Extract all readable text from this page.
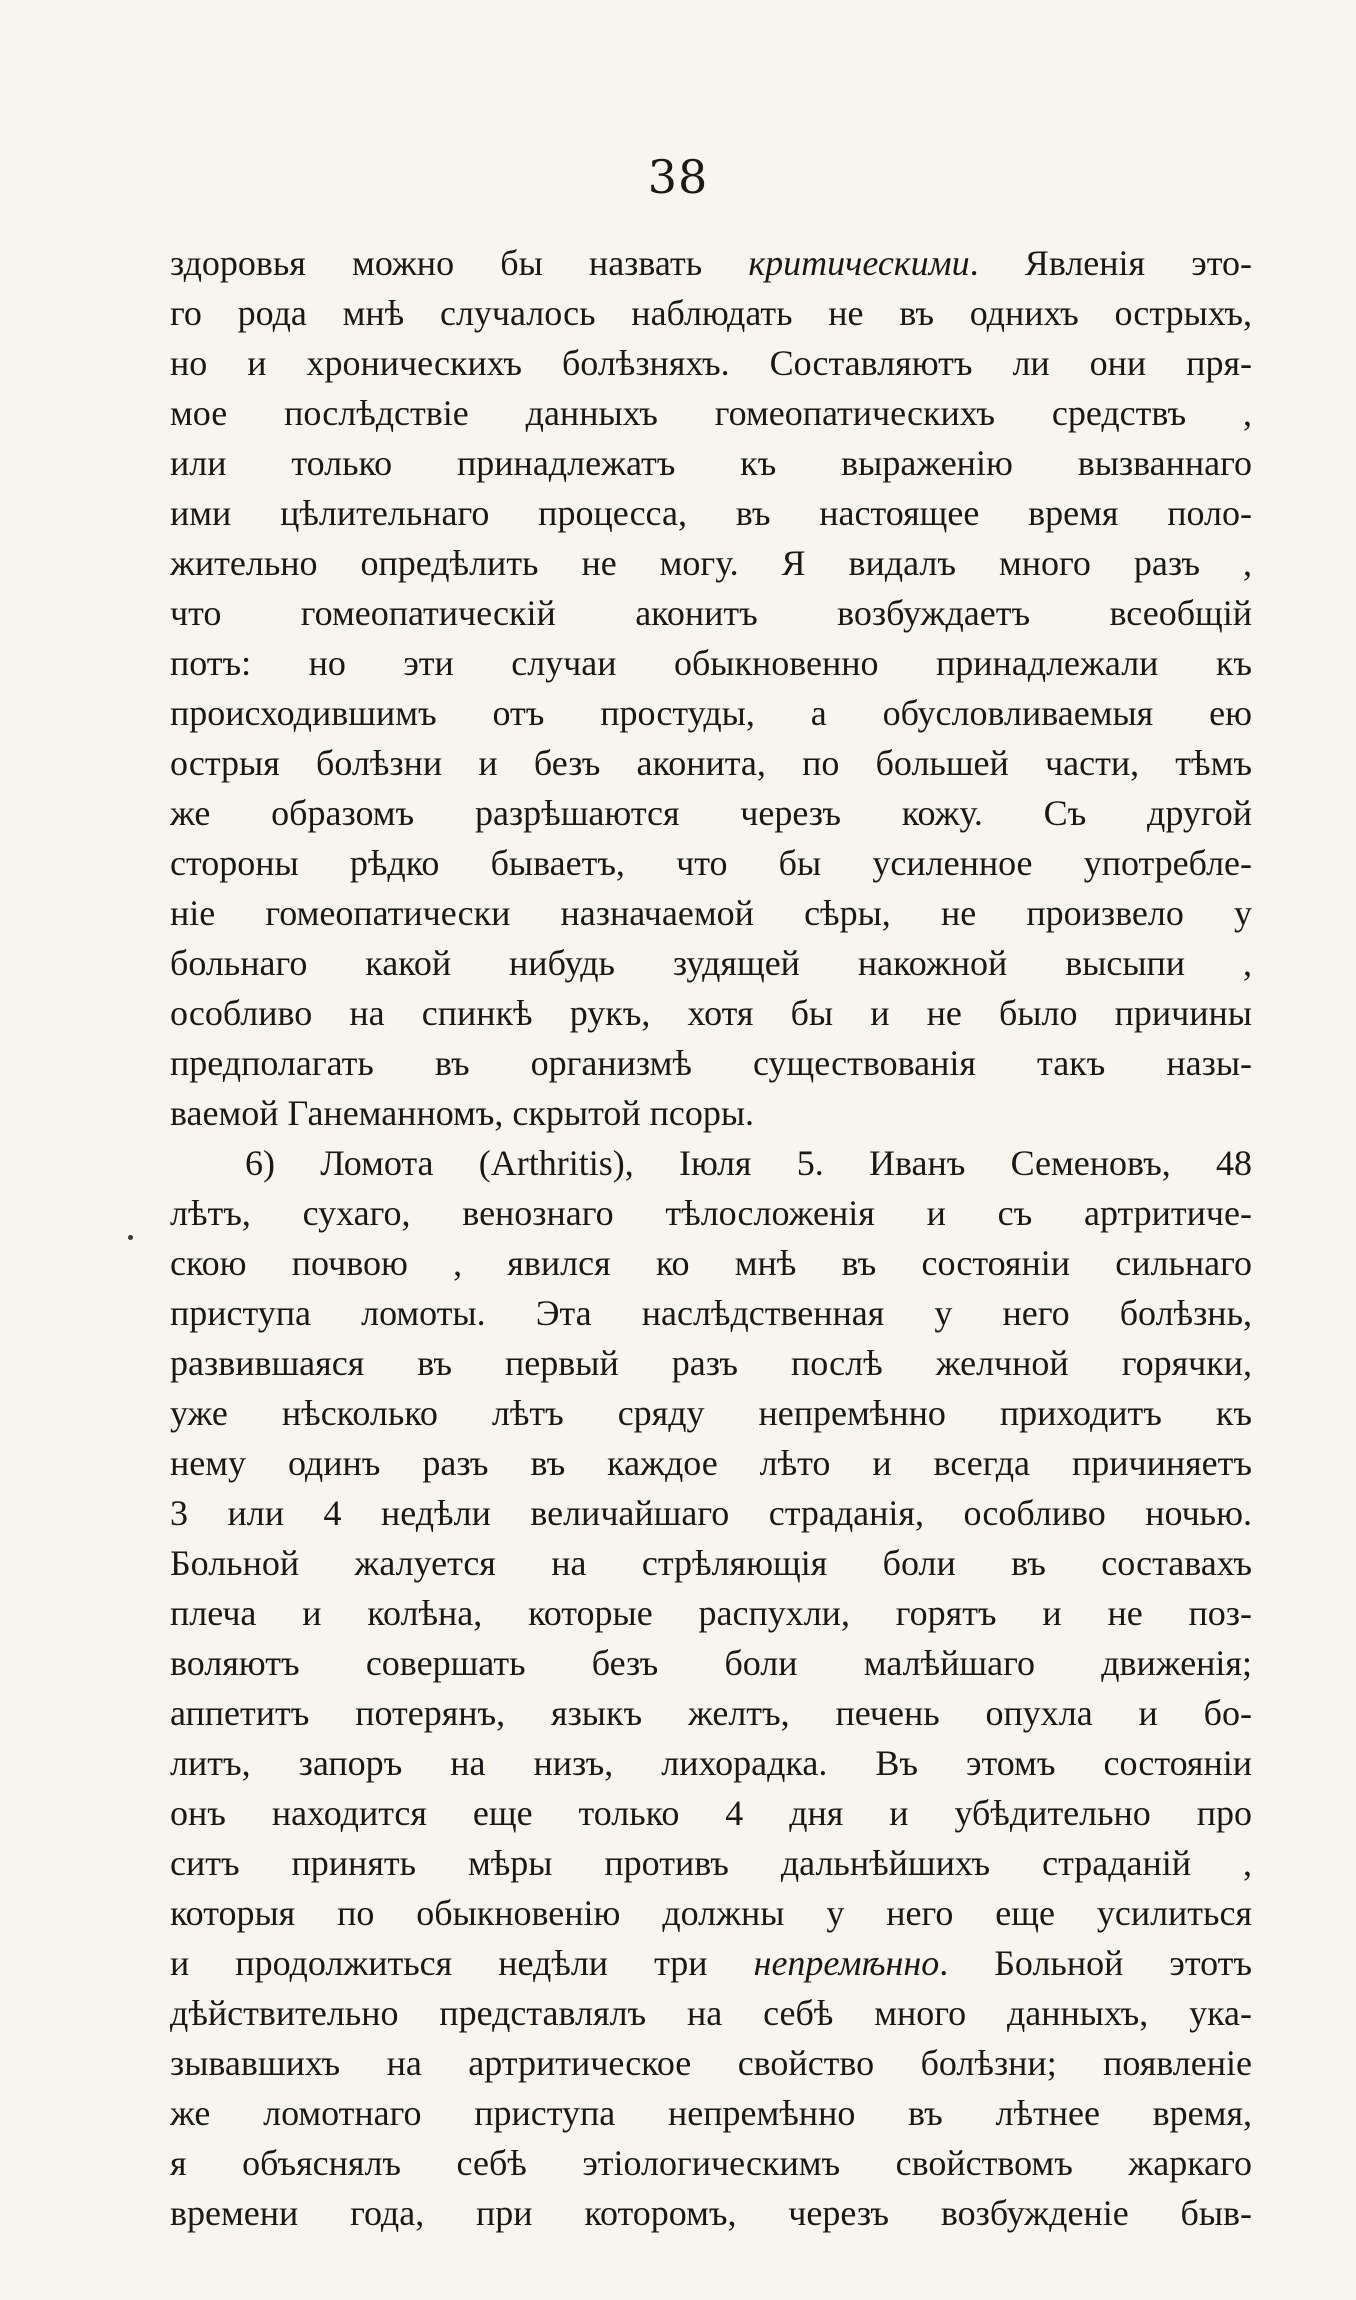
38
здоровья можно бы назвать критическими. Явленія это-
го рода мнѣ случалось наблюдать не въ однихъ острыхъ,
но и хроническихъ болѣзняхъ. Составляютъ ли они пря-
мое послѣдствіе данныхъ гомеопатическихъ средствъ ,
или только принадлежатъ къ выраженію вызваннаго
ими цѣлительнаго процесса, въ настоящее время поло-
жительно опредѣлить не могу. Я видалъ много разъ ,
что гомеопатическій аконитъ возбуждаетъ всеобщій
потъ: но эти случаи обыкновенно принадлежали къ
происходившимъ отъ простуды, а обусловливаемыя ею
острыя болѣзни и безъ аконита, по большей части, тѣмъ
же образомъ разрѣшаются черезъ кожу. Съ другой
стороны рѣдко бываетъ, что бы усиленное употребле-
ніе гомеопатически назначаемой сѣры, не произвело у
больнаго какой нибудь зудящей накожной высыпи ,
особливо на спинкѣ рукъ, хотя бы и не было причины
предполагать въ организмѣ существованія такъ назы-
ваемой Ганеманномъ, скрытой псоры.
6) Ломота (Arthritis), Іюля 5. Иванъ Семеновъ, 48
лѣтъ, сухаго, венознаго тѣлосложенія и съ артритиче-
скою почвою , явился ко мнѣ въ состояніи сильнаго
приступа ломоты. Эта наслѣдственная у него болѣзнь,
развившаяся въ первый разъ послѣ желчной горячки,
уже нѣсколько лѣтъ сряду непремѣнно приходитъ къ
нему одинъ разъ въ каждое лѣто и всегда причиняетъ
3 или 4 недѣли величайшаго страданія, особливо ночью.
Больной жалуется на стрѣляющія боли въ составахъ
плеча и колѣна, которые распухли, горятъ и не поз-
воляютъ совершать безъ боли малѣйшаго движенія;
аппетитъ потерянъ, языкъ желтъ, печень опухла и бо-
литъ, запоръ на низъ, лихорадка. Въ этомъ состояніи
онъ находится еще только 4 дня и убѣдительно про
ситъ принять мѣры противъ дальнѣйшихъ страданій ,
которыя по обыкновенію должны у него еще усилиться
и продолжиться недѣли три непремѣнно. Больной этотъ
дѣйствительно представлялъ на себѣ много данныхъ, ука-
зывавшихъ на артритическое свойство болѣзни; появленіе
же ломотнаго приступа непремѣнно въ лѣтнее время,
я объяснялъ себѣ этіологическимъ свойствомъ жаркаго
времени года, при которомъ, черезъ возбужденіе быв-
